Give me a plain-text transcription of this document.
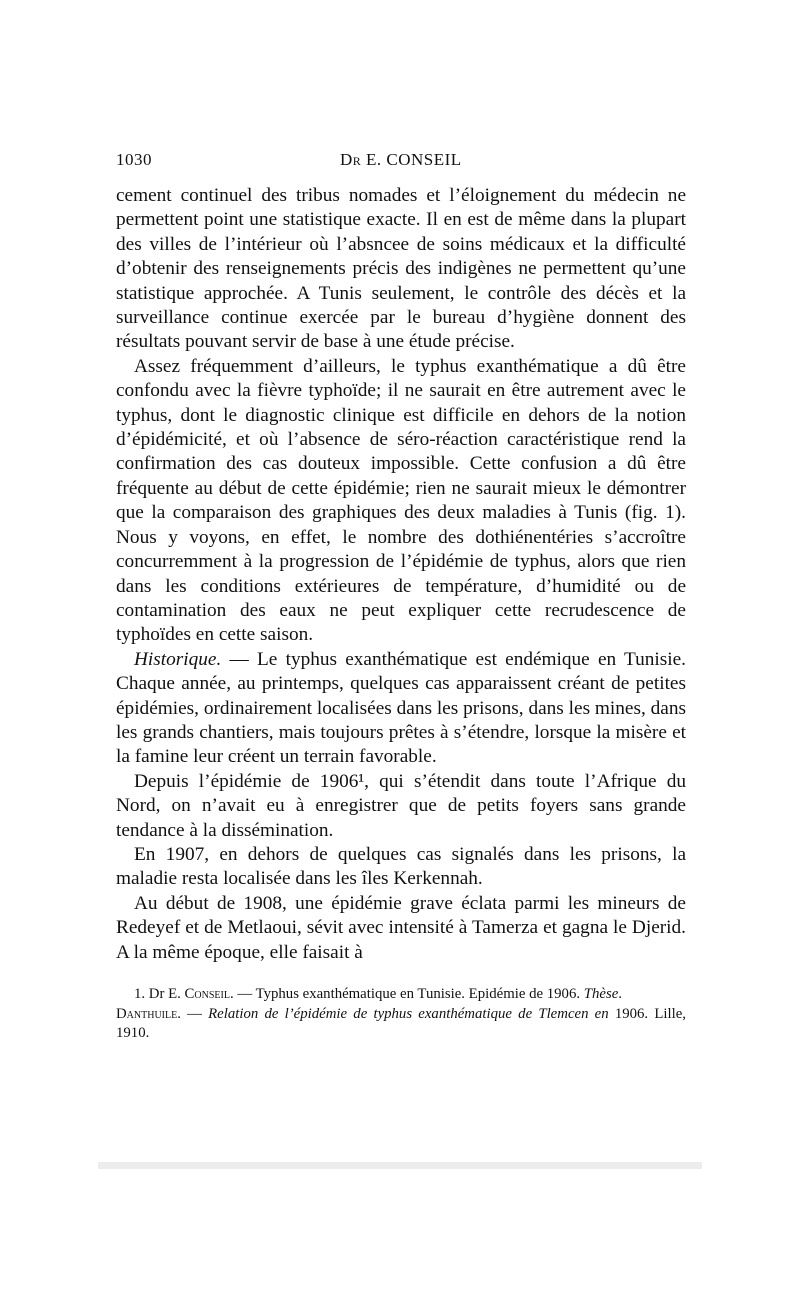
1030	Dr E. CONSEIL

cement continuel des tribus nomades et l’éloignement du médecin ne permettent point une statistique exacte. Il en est de même dans la plupart des villes de l’intérieur où l’absncee de soins médicaux et la difficulté d’obtenir des renseignements précis des indigènes ne permettent qu’une statistique approchée. A Tunis seulement, le contrôle des décès et la surveillance continue exercée par le bureau d’hygiène donnent des résultats pouvant servir de base à une étude précise.

Assez fréquemment d’ailleurs, le typhus exanthématique a dû être confondu avec la fièvre typhoïde; il ne saurait en être autrement avec le typhus, dont le diagnostic clinique est difficile en dehors de la notion d’épidémicité, et où l’absence de séro-réaction caractéristique rend la confirmation des cas douteux impossible. Cette confusion a dû être fréquente au début de cette épidémie; rien ne saurait mieux le démontrer que la comparaison des graphiques des deux maladies à Tunis (fig. 1). Nous y voyons, en effet, le nombre des dothiénentéries s’accroître concurremment à la progression de l’épidémie de typhus, alors que rien dans les conditions extérieures de température, d’humidité ou de contamination des eaux ne peut expliquer cette recrudescence de typhoïdes en cette saison.

Historique. — Le typhus exanthématique est endémique en Tunisie. Chaque année, au printemps, quelques cas apparaissent créant de petites épidémies, ordinairement localisées dans les prisons, dans les mines, dans les grands chantiers, mais toujours prêtes à s’étendre, lorsque la misère et la famine leur créent un terrain favorable.

Depuis l’épidémie de 1906¹, qui s’étendit dans toute l’Afrique du Nord, on n’avait eu à enregistrer que de petits foyers sans grande tendance à la dissémination.

En 1907, en dehors de quelques cas signalés dans les prisons, la maladie resta localisée dans les îles Kerkennah.

Au début de 1908, une épidémie grave éclata parmi les mineurs de Redeyef et de Metlaoui, sévit avec intensité à Tamerza et gagna le Djerid. A la même époque, elle faisait à

1. Dr E. Conseil. — Typhus exanthématique en Tunisie. Epidémie de 1906. Thèse.

Danthuile. — Relation de l’épidémie de typhus exanthématique de Tlemcen en 1906. Lille, 1910.
